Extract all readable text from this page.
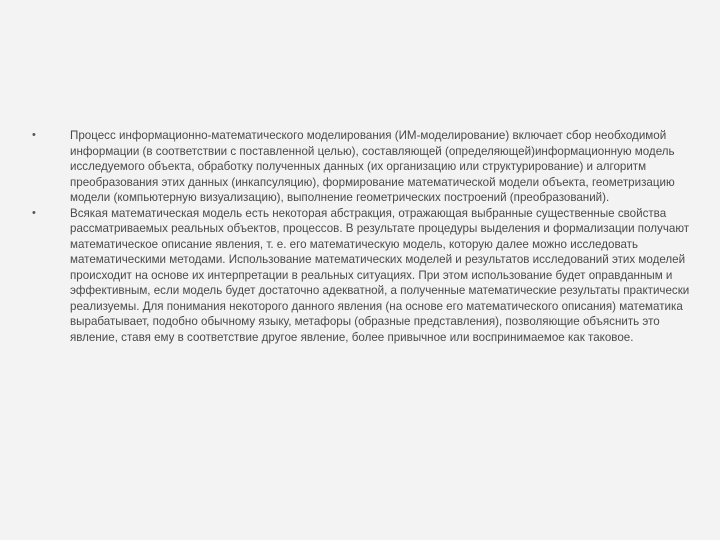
•	Процесс информационно-математического моделирования (ИМ-моделирование) включает сбор необходимой информации (в соответствии с поставленной целью), составляющей (определяющей)информационную модель исследуемого объекта, обработку полученных данных (их организацию или структурирование) и алгоритм преобразования этих данных (инкапсуляцию), формирование математической модели объекта, геометризацию модели (компьютерную визуализацию), выполнение геометрических построений (преобразований).
•	Всякая математическая модель есть некоторая абстракция, отражающая выбранные существенные свойства рассматриваемых реальных объектов, процессов. В результате процедуры выделения и формализации получают математическое описание явления, т. е. его математическую модель, которую далее можно исследовать математическими методами. Использование математических моделей и результатов исследований этих моделей происходит на основе их интерпретации в реальных ситуациях. При этом использование будет оправданным и эффективным, если модель будет достаточно адекватной, а полученные математические результаты практически реализуемы. Для понимания некоторого данного явления (на основе его математического описания) математика вырабатывает, подобно обычному языку, метафоры (образные представления), позволяющие объяснить это явление, ставя ему в соответствие другое явление, более привычное или воспринимаемое как таковое.
